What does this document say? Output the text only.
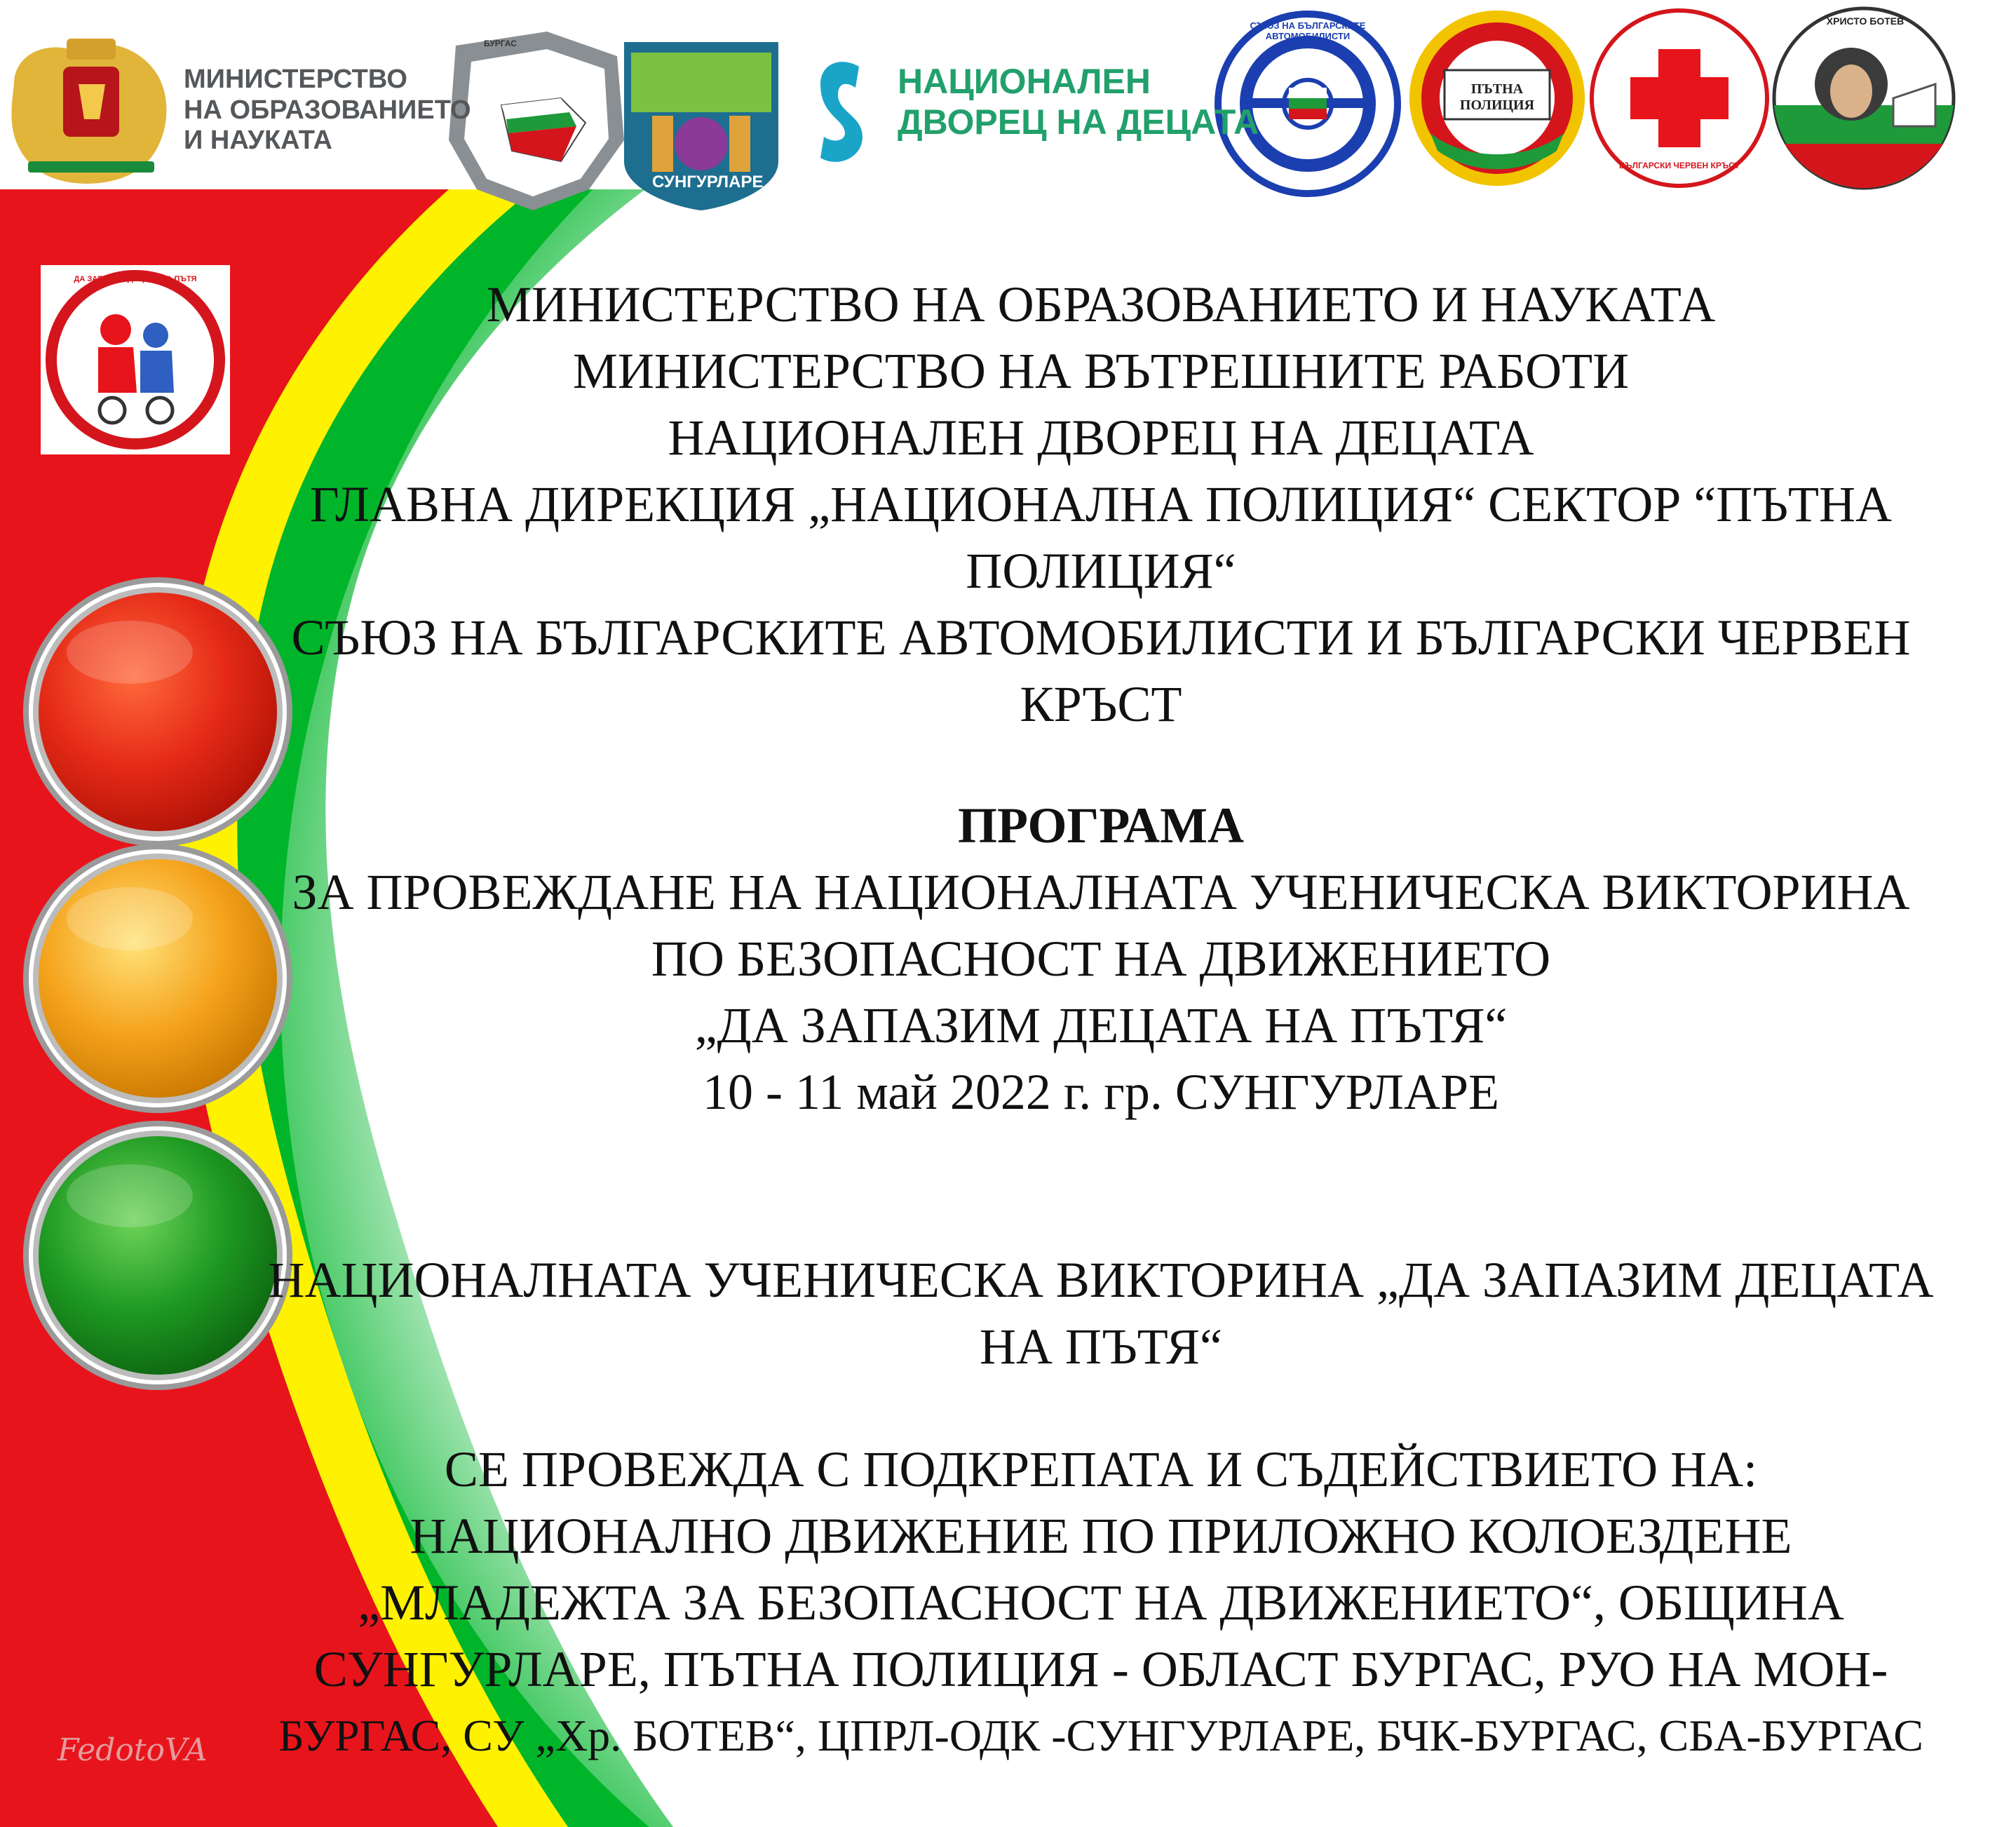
МИНИСТЕРСТВО
НА ОБРАЗОВАНИЕТО
И НАУКАТА
НАЦИОНАЛЕН
ДВОРЕЦ НА ДЕЦАТА
БУРГАС
СУНГУРЛАРЕ
СЪЮЗ НА БЪЛГАРСКИТЕ АВТОМОБИЛИСТИ
ПЪТНА ПОЛИЦИЯ
БЪЛГАРСКИ ЧЕРВЕН КРЪСТ
ХРИСТО БОТЕВ
ДА ЗАПАЗИМ ДЕЦАТА НА ПЪТЯ	МИНИСТЕРСТВО НА ОБРАЗОВАНИЕТО И НАУКАТА
МИНИСТЕРСТВО НА ВЪТРЕШНИТЕ РАБОТИ
НАЦИОНАЛЕН ДВОРЕЦ НА ДЕЦАТА
ГЛАВНА ДИРЕКЦИЯ „НАЦИОНАЛНА ПОЛИЦИЯ“ СЕКТОР “ПЪТНА
ПОЛИЦИЯ“
СЪЮЗ НА БЪЛГАРСКИТЕ АВТОМОБИЛИСТИ И БЪЛГАРСКИ ЧЕРВЕН
КРЪСТ
ПРОГРАМА
ЗА ПРОВЕЖДАНЕ НА НАЦИОНАЛНАТА УЧЕНИЧЕСКА ВИКТОРИНА
ПО БЕЗОПАСНОСТ НА ДВИЖЕНИЕТО
„ДА ЗАПАЗИМ ДЕЦАТА НА ПЪТЯ“
10 - 11 май 2022 г. гр. СУНГУРЛАРЕ
НАЦИОНАЛНАТА УЧЕНИЧЕСКА ВИКТОРИНА „ДА ЗАПАЗИМ ДЕЦАТА
НА ПЪТЯ“
СЕ ПРОВЕЖДА С ПОДКРЕПАТА И СЪДЕЙСТВИЕТО НА:
НАЦИОНАЛНО ДВИЖЕНИЕ ПО ПРИЛОЖНО КОЛОЕЗДЕНЕ
„МЛАДЕЖТА ЗА БЕЗОПАСНОСТ НА ДВИЖЕНИЕТО“, ОБЩИНА
СУНГУРЛАРЕ, ПЪТНА ПОЛИЦИЯ - ОБЛАСТ БУРГАС, РУО НА МОН-
БУРГАС, СУ „Хр. БОТЕВ“, ЦПРЛ-ОДК -СУНГУРЛАРЕ, БЧК-БУРГАС, СБА-БУРГАС
FedotoVA
